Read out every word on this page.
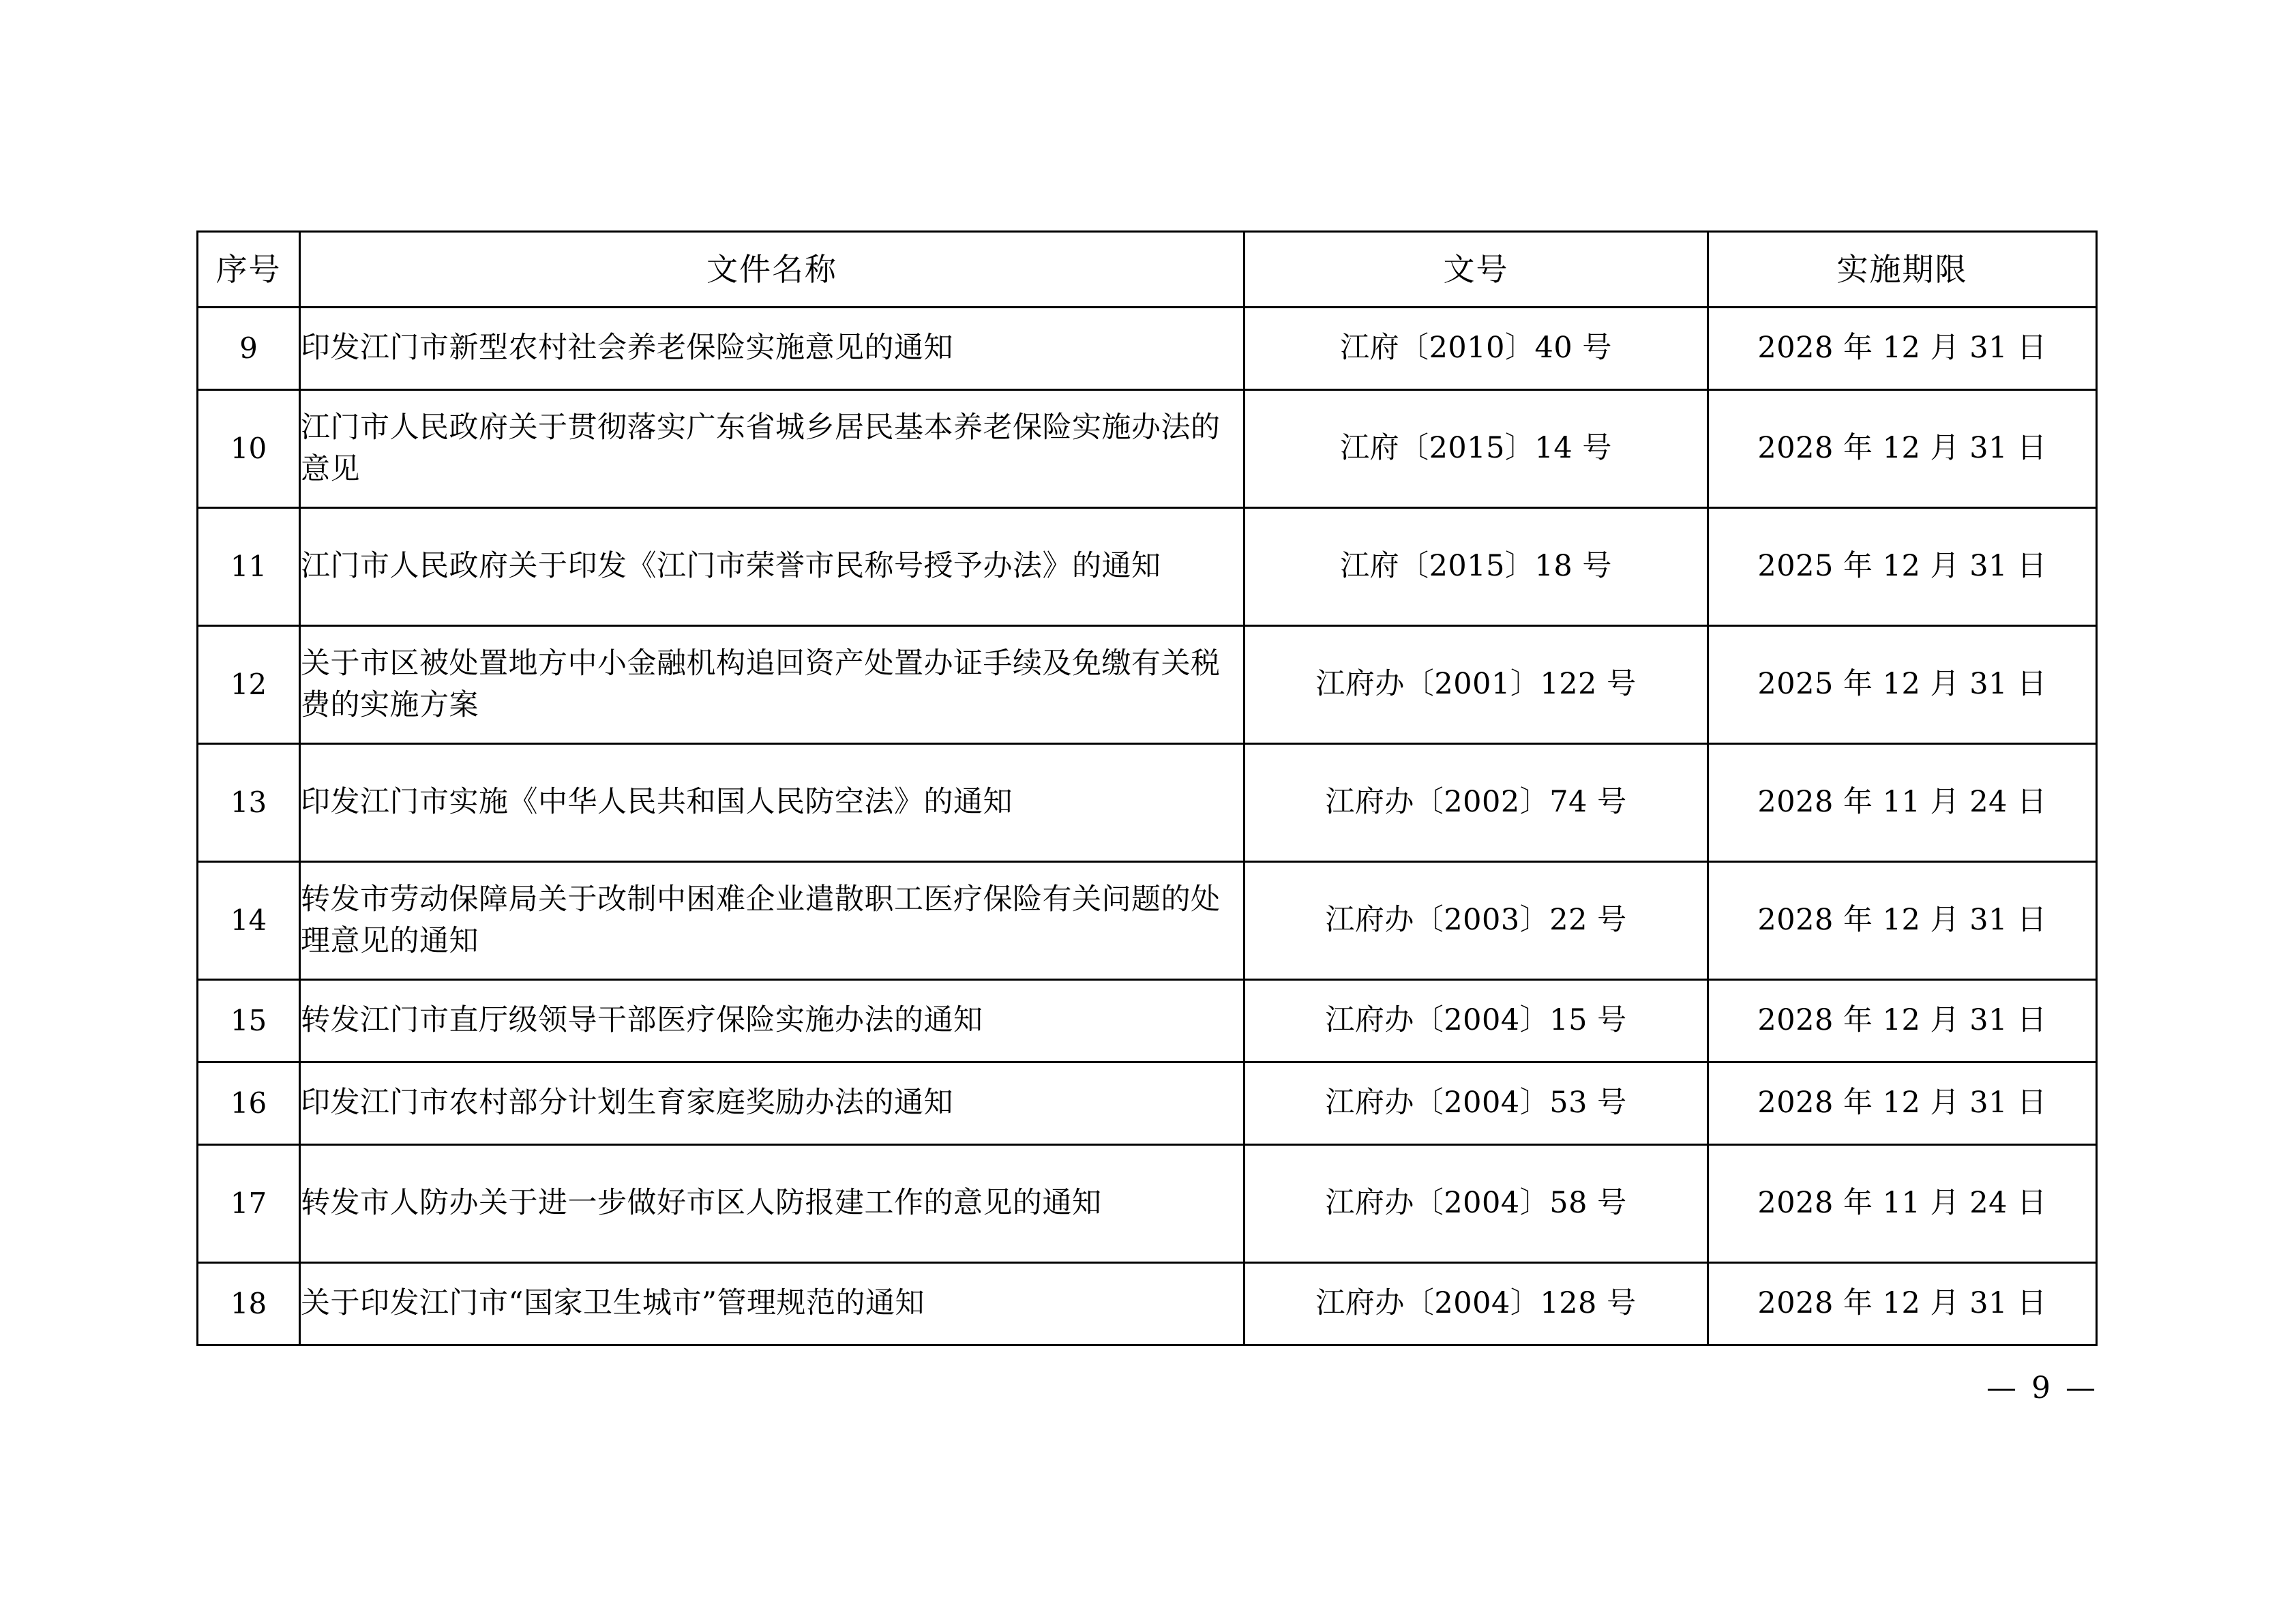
序号	文件名称	文号	实施期限

9	印发江门市新型农村社会养老保险实施意见的通知	江府〔2010〕40 号	2028 年 12 月 31 日
10	江门市人民政府关于贯彻落实广东省城乡居民基本养老保险实施办法的意见	江府〔2015〕14 号	2028 年 12 月 31 日
11	江门市人民政府关于印发《江门市荣誉市民称号授予办法》的通知	江府〔2015〕18 号	2025 年 12 月 31 日
12	关于市区被处置地方中小金融机构追回资产处置办证手续及免缴有关税费的实施方案	江府办〔2001〕122 号	2025 年 12 月 31 日
13	印发江门市实施《中华人民共和国人民防空法》的通知	江府办〔2002〕74 号	2028 年 11 月 24 日
14	转发市劳动保障局关于改制中困难企业遣散职工医疗保险有关问题的处理意见的通知	江府办〔2003〕22 号	2028 年 12 月 31 日
15	转发江门市直厅级领导干部医疗保险实施办法的通知	江府办〔2004〕15 号	2028 年 12 月 31 日
16	印发江门市农村部分计划生育家庭奖励办法的通知	江府办〔2004〕53 号	2028 年 12 月 31 日
17	转发市人防办关于进一步做好市区人防报建工作的意见的通知	江府办〔2004〕58 号	2028 年 11 月 24 日
18	关于印发江门市“国家卫生城市”管理规范的通知	江府办〔2004〕128 号	2028 年 12 月 31 日
— 9 —
